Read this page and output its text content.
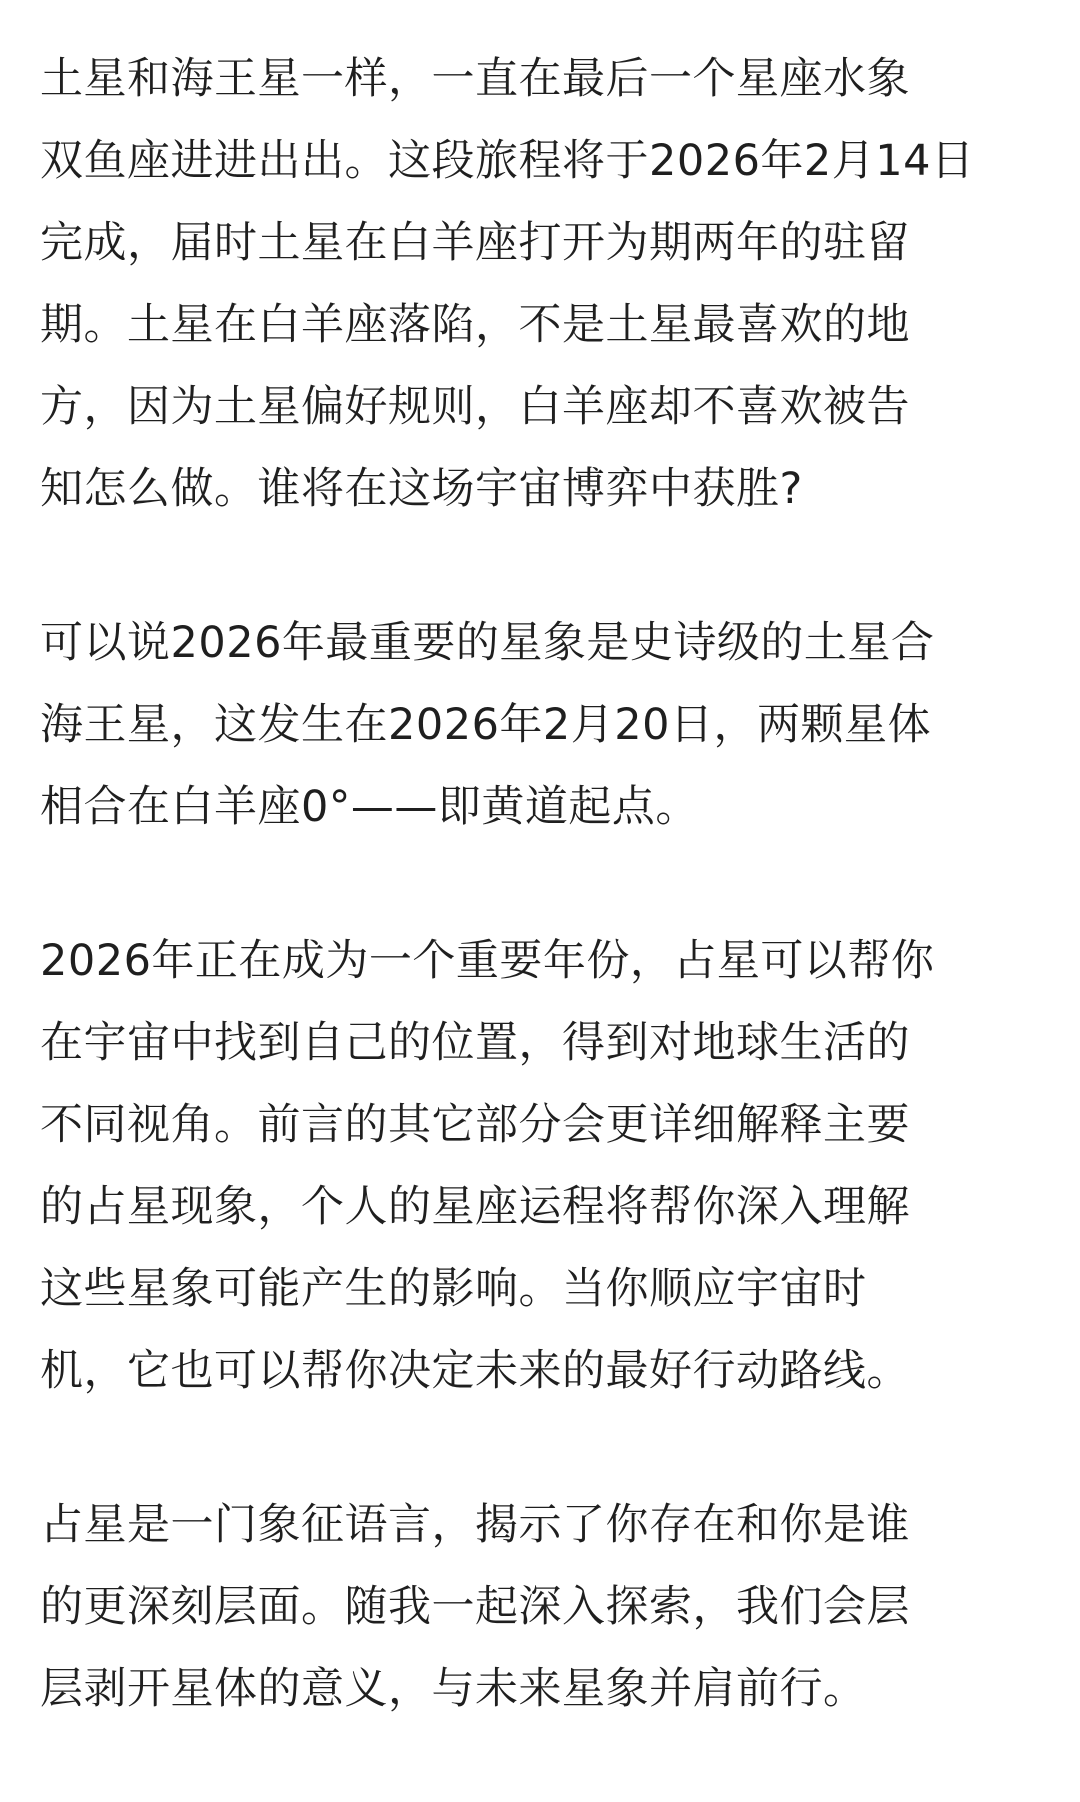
土星和海王星一样，一直在最后一个星座水象
双鱼座进进出出。这段旅程将于2026年2月14日
完成，届时土星在白羊座打开为期两年的驻留
期。土星在白羊座落陷，不是土星最喜欢的地
方，因为土星偏好规则，白羊座却不喜欢被告
知怎么做。谁将在这场宇宙博弈中获胜?
可以说2026年最重要的星象是史诗级的土星合
海王星，这发生在2026年2月20日，两颗星体
相合在白羊座0°——即黄道起点。
2026年正在成为一个重要年份，占星可以帮你
在宇宙中找到自己的位置，得到对地球生活的
不同视角。前言的其它部分会更详细解释主要
的占星现象，个人的星座运程将帮你深入理解
这些星象可能产生的影响。当你顺应宇宙时
机，它也可以帮你决定未来的最好行动路线。
占星是一门象征语言，揭示了你存在和你是谁
的更深刻层面。随我一起深入探索，我们会层
层剥开星体的意义，与未来星象并肩前行。
